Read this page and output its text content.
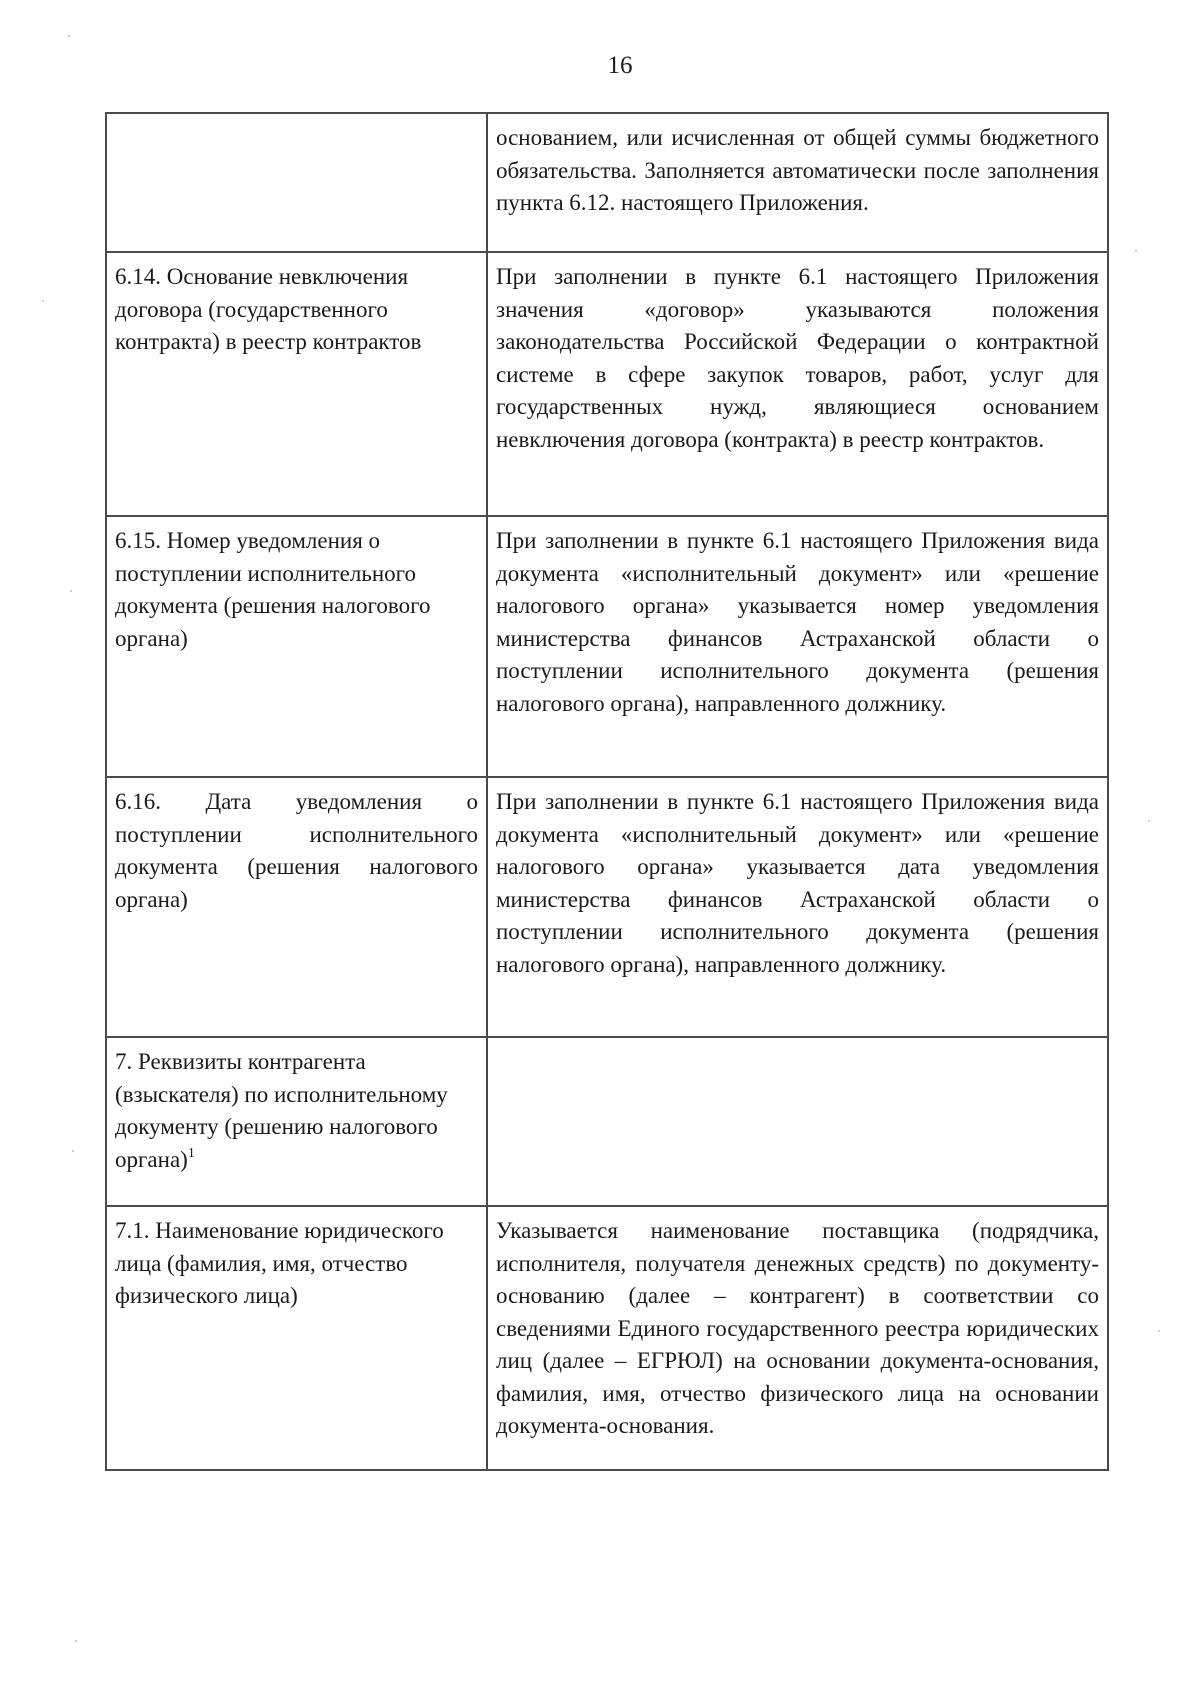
16
	основанием, или исчисленная от общей суммы бюджетного обязательства. Заполняется автоматически после заполнения пункта 6.12. настоящего Приложения.
6.14. Основание невключения договора (государственного контракта) в реестр контрактов	При заполнении в пункте 6.1 настоящего Приложения значения «договор» указываются положения законодательства Российской Федерации о контрактной системе в сфере закупок товаров, работ, услуг для государственных нужд, являющиеся основанием невключения договора (контракта) в реестр контрактов.
6.15. Номер уведомления о поступлении исполнительного документа (решения налогового органа)	При заполнении в пункте 6.1 настоящего Приложения вида документа «исполнительный документ» или «решение налогового органа» указывается номер уведомления министерства финансов Астраханской области о поступлении исполнительного документа (решения налогового органа), направленного должнику.
6.16. Дата уведомления о поступлении исполнительного документа (решения налогового органа)	При заполнении в пункте 6.1 настоящего Приложения вида документа «исполнительный документ» или «решение налогового органа» указывается дата уведомления министерства финансов Астраханской области о поступлении исполнительного документа (решения налогового органа), направленного должнику.
7. Реквизиты контрагента (взыскателя) по исполнительному документу (решению налогового органа)$^1$	
7.1. Наименование юридического лица (фамилия, имя, отчество физического лица)	Указывается наименование поставщика (подрядчика, исполнителя, получателя денежных средств) по документу-основанию (далее – контрагент) в соответствии со сведениями Единого государственного реестра юридических лиц (далее – ЕГРЮЛ) на основании документа-основания, фамилия, имя, отчество физического лица на основании документа-основания.
